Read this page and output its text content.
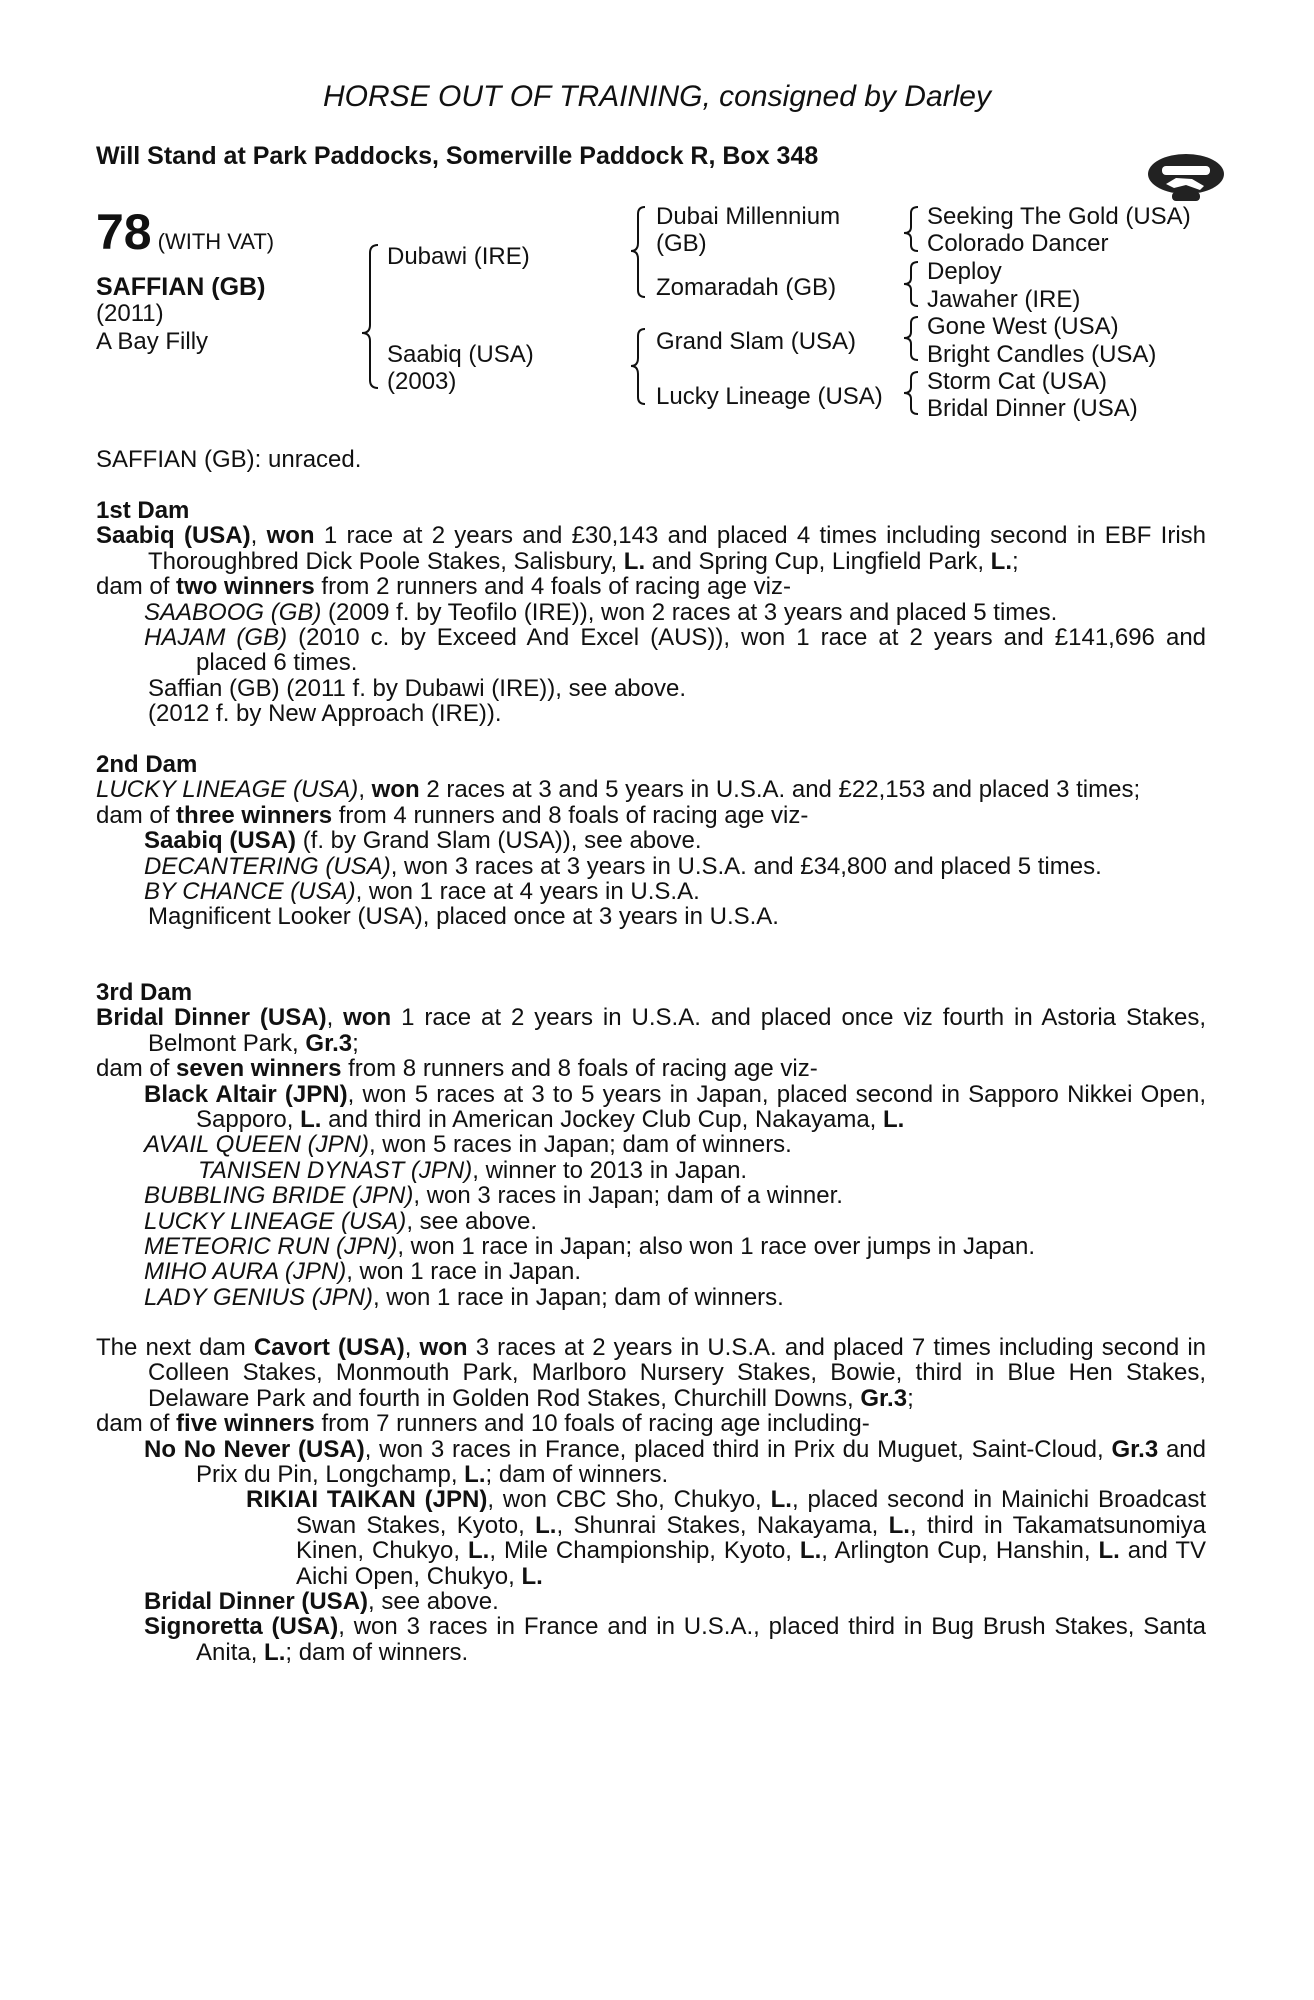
HORSE OUT OF TRAINING, consigned by Darley
Will Stand at Park Paddocks, Somerville Paddock R, Box 348
78 (WITH VAT)
SAFFIAN (GB)
(2011)
A Bay Filly
Dubawi (IRE)
Saabiq (USA)
(2003)
Dubai Millennium
(GB)
Zomaradah (GB)
Grand Slam (USA)
Lucky Lineage (USA)
Seeking The Gold (USA)
Colorado Dancer
Deploy
Jawaher (IRE)
Gone West (USA)
Bright Candles (USA)
Storm Cat (USA)
Bridal Dinner (USA)

SAFFIAN (GB): unraced.

1st Dam

Saabiq (USA), won 1 race at 2 years and £30,143 and placed 4 times including second in EBF Irish Thoroughbred Dick Poole Stakes, Salisbury, L. and Spring Cup, Lingfield Park, L.;

dam of two winners from 2 runners and 4 foals of racing age viz-

SAABOOG (GB) (2009 f. by Teofilo (IRE)), won 2 races at 3 years and placed 5 times.

HAJAM (GB) (2010 c. by Exceed And Excel (AUS)), won 1 race at 2 years and £141,696 and placed 6 times.

Saffian (GB) (2011 f. by Dubawi (IRE)), see above.

(2012 f. by New Approach (IRE)).

2nd Dam

LUCKY LINEAGE (USA), won 2 races at 3 and 5 years in U.S.A. and £22,153 and placed 3 times;

dam of three winners from 4 runners and 8 foals of racing age viz-

Saabiq (USA) (f. by Grand Slam (USA)), see above.

DECANTERING (USA), won 3 races at 3 years in U.S.A. and £34,800 and placed 5 times.

BY CHANCE (USA), won 1 race at 4 years in U.S.A.

Magnificent Looker (USA), placed once at 3 years in U.S.A.

3rd Dam

Bridal Dinner (USA), won 1 race at 2 years in U.S.A. and placed once viz fourth in Astoria Stakes, Belmont Park, Gr.3;

dam of seven winners from 8 runners and 8 foals of racing age viz-

Black Altair (JPN), won 5 races at 3 to 5 years in Japan, placed second in Sapporo Nikkei Open, Sapporo, L. and third in American Jockey Club Cup, Nakayama, L.

AVAIL QUEEN (JPN), won 5 races in Japan; dam of winners.

TANISEN DYNAST (JPN), winner to 2013 in Japan.

BUBBLING BRIDE (JPN), won 3 races in Japan; dam of a winner.

LUCKY LINEAGE (USA), see above.

METEORIC RUN (JPN), won 1 race in Japan; also won 1 race over jumps in Japan.

MIHO AURA (JPN), won 1 race in Japan.

LADY GENIUS (JPN), won 1 race in Japan; dam of winners.

The next dam Cavort (USA), won 3 races at 2 years in U.S.A. and placed 7 times including second in Colleen Stakes, Monmouth Park, Marlboro Nursery Stakes, Bowie, third in Blue Hen Stakes, Delaware Park and fourth in Golden Rod Stakes, Churchill Downs, Gr.3;

dam of five winners from 7 runners and 10 foals of racing age including-

No No Never (USA), won 3 races in France, placed third in Prix du Muguet, Saint-Cloud, Gr.3 and Prix du Pin, Longchamp, L.; dam of winners.

RIKIAI TAIKAN (JPN), won CBC Sho, Chukyo, L., placed second in Mainichi Broadcast Swan Stakes, Kyoto, L., Shunrai Stakes, Nakayama, L., third in Takamatsunomiya Kinen, Chukyo, L., Mile Championship, Kyoto, L., Arlington Cup, Hanshin, L. and TV Aichi Open, Chukyo, L.

Bridal Dinner (USA), see above.

Signoretta (USA), won 3 races in France and in U.S.A., placed third in Bug Brush Stakes, Santa Anita, L.; dam of winners.
